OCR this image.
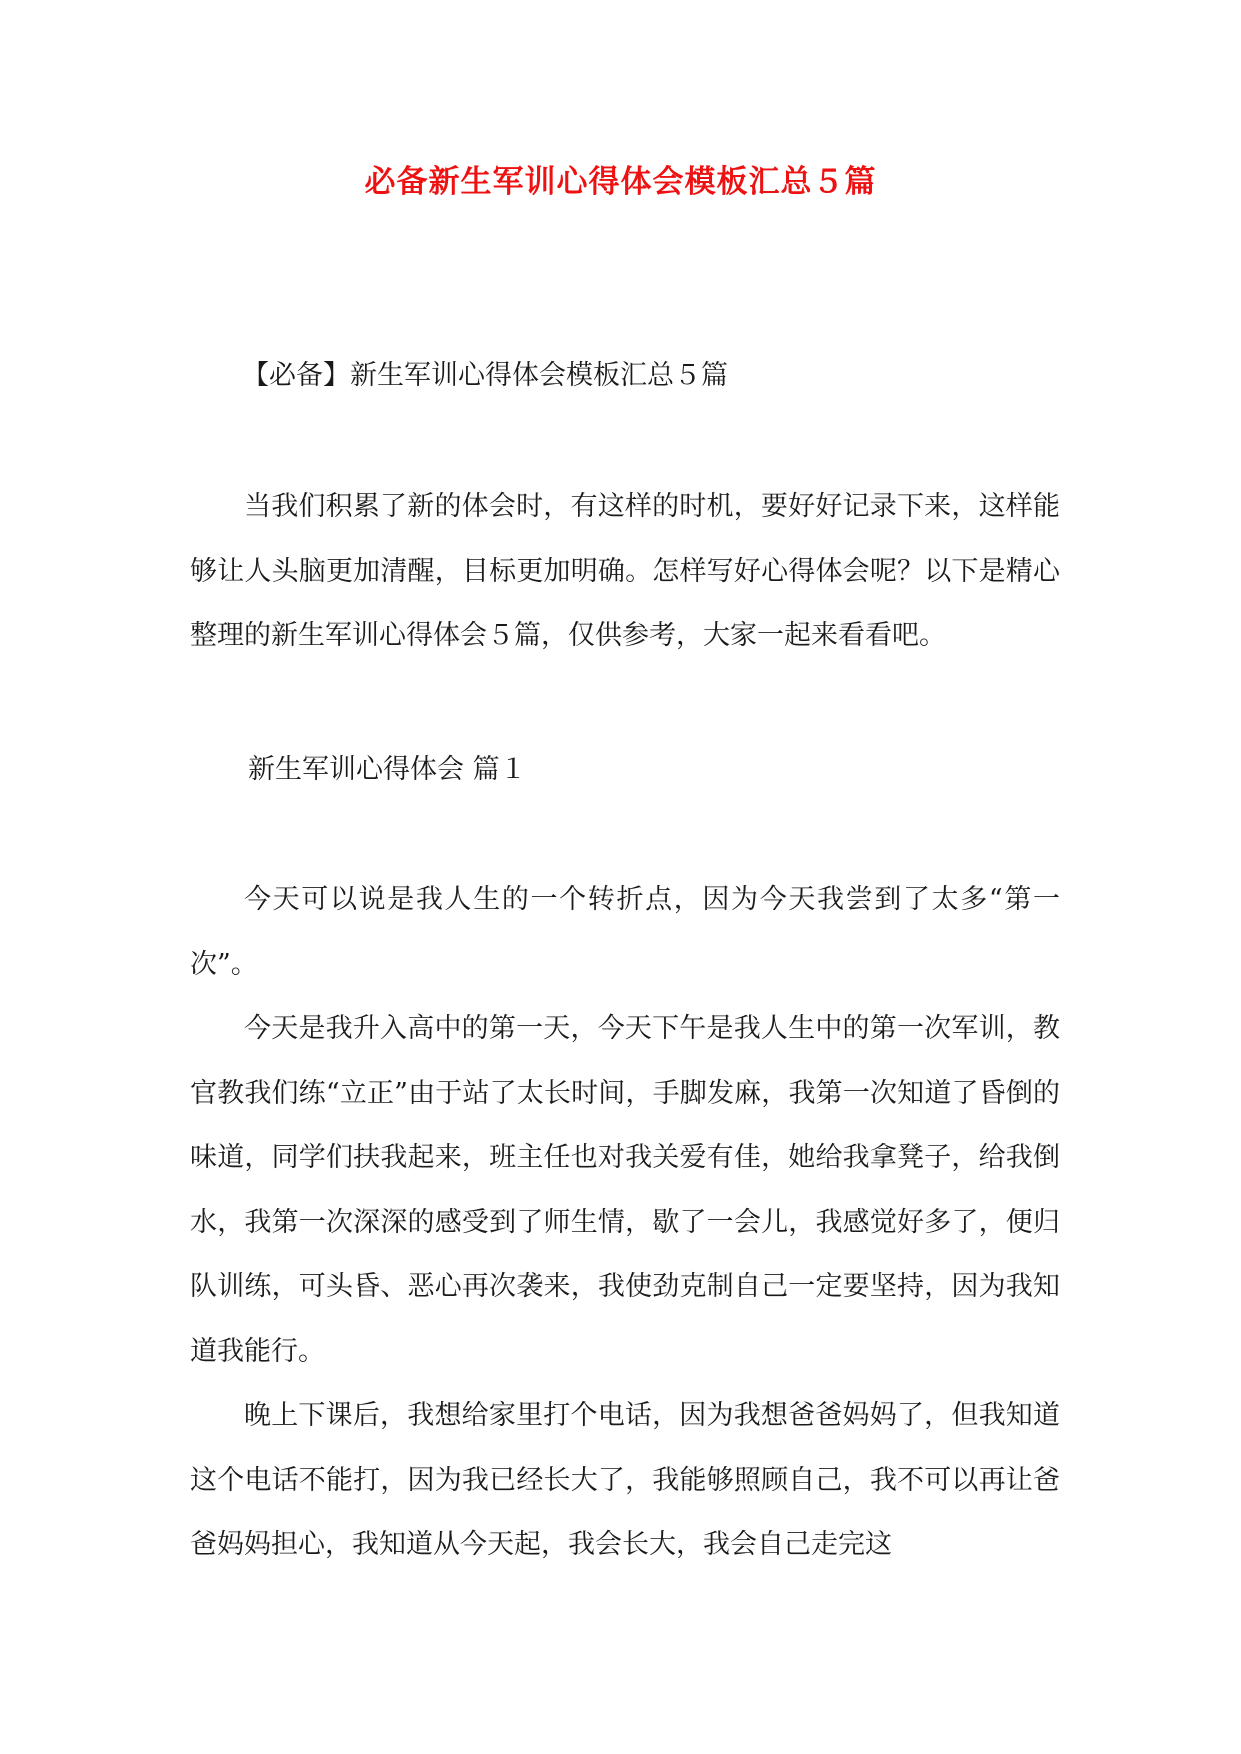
必备新生军训心得体会模板汇总５篇
【必备】新生军训心得体会模板汇总５篇

当我们积累了新的体会时，有这样的时机，要好好记录下来，这样能够让人头脑更加清醒，目标更加明确。怎样写好心得体会呢？以下是精心整理的新生军训心得体会５篇，仅供参考，大家一起来看看吧。

新生军训心得体会 篇１

今天可以说是我人生的一个转折点，因为今天我尝到了太多“第一次”。

今天是我升入高中的第一天，今天下午是我人生中的第一次军训，教官教我们练“立正”由于站了太长时间，手脚发麻，我第一次知道了昏倒的味道，同学们扶我起来，班主任也对我关爱有佳，她给我拿凳子，给我倒水，我第一次深深的感受到了师生情，歇了一会儿，我感觉好多了，便归队训练，可头昏、恶心再次袭来，我使劲克制自己一定要坚持，因为我知道我能行。

晚上下课后，我想给家里打个电话，因为我想爸爸妈妈了，但我知道这个电话不能打，因为我已经长大了，我能够照顾自己，我不可以再让爸爸妈妈担心，我知道从今天起，我会长大，我会自己走完这
